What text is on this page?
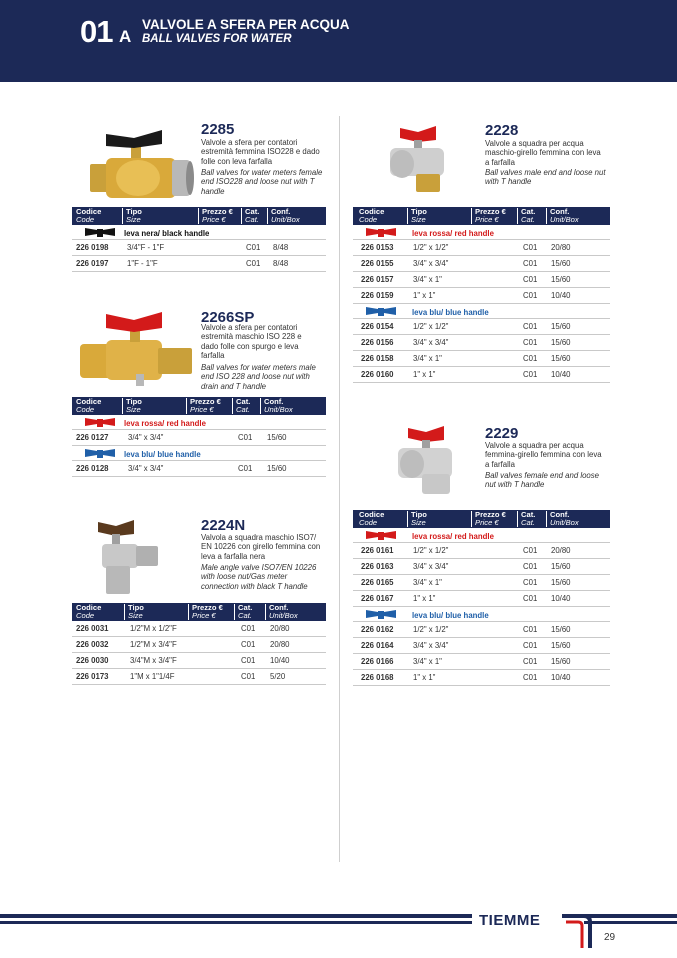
01 A
VALVOLE A SFERA PER ACQUA
BALL VALVES FOR WATER
2285
Valvole a sfera per contatori estremità femmina ISO228 e dado folle con leva farfalla
Ball valves for water meters female end ISO228 and loose nut with T handle
Codice
Code
Tipo
Size
Prezzo €
Price €
Cat.
Cat.
Conf.
Unit/Box
leva nera/ black handle
226 0198 3/4"F - 1"F	C01 8/48
226 0197 1"F - 1"F	C01 8/48
2266SP
Valvole a sfera per contatori estremità maschio ISO 228 e dado folle con spurgo e leva farfalla
Ball valves for water meters male end ISO 228 and loose nut with drain and T handle
Codice
Code
Tipo
Size
Prezzo €
Price €
Cat.
Cat.
Conf.
Unit/Box
leva rossa/ red handle
226 0127 3/4" x 3/4"	C01 15/60
leva blu/ blue handle
226 0128 3/4" x 3/4"	C01 15/60
2224N
Valvola a squadra maschio ISO7/ EN 10226 con girello femmina con leva a farfalla nera
Male angle valve ISO7/EN 10226 with loose nut/Gas meter connection with black T handle
Codice
Code
Tipo
Size
Prezzo €
Price €
Cat.
Cat.
Conf.
Unit/Box
226 0031	1/2"M x 1/2"F	C01 20/80
226 0032	1/2"M x 3/4"F	C01 20/80
226 0030	3/4"M x 3/4"F	C01 10/40
226 0173	1"M x 1"1/4F	C01 5/20
2228
Valvole a squadra per acqua maschio-girello femmina con leva a farfalla
Ball valves male end and loose nut with T handle
Codice
Code
Tipo
Size
Prezzo €
Price €
Cat.
Cat.
Conf.
Unit/Box
leva rossa/ red handle
226 0153 1/2" x 1/2"	C01 20/80
226 0155 3/4" x 3/4"	C01 15/60
226 0157 3/4" x 1"	C01 15/60
226 0159 1" x 1"	C01 10/40
leva blu/ blue handle
226 0154 1/2" x 1/2"	C01 15/60
226 0156 3/4" x 3/4"	C01 15/60
226 0158 3/4" x 1"	C01 15/60
226 0160 1" x 1"	C01 10/40
2229
Valvole a squadra per acqua femmina-girello femmina con leva a farfalla
Ball valves female end and loose nut with T handle
Codice
Code
Tipo
Size
Prezzo €
Price €
Cat.
Cat.
Conf.
Unit/Box
leva rossa/ red handle
226 0161 1/2" x 1/2"	C01 20/80
226 0163 3/4" x 3/4"	C01 15/60
226 0165 3/4" x 1"	C01 15/60
226 0167 1" x 1"	C01 10/40
leva blu/ blue handle
226 0162 1/2" x 1/2"	C01 15/60
226 0164 3/4" x 3/4"	C01 15/60
226 0166 3/4" x 1"	C01 15/60
226 0168 1" x 1"	C01 10/40
TIEMME
29
